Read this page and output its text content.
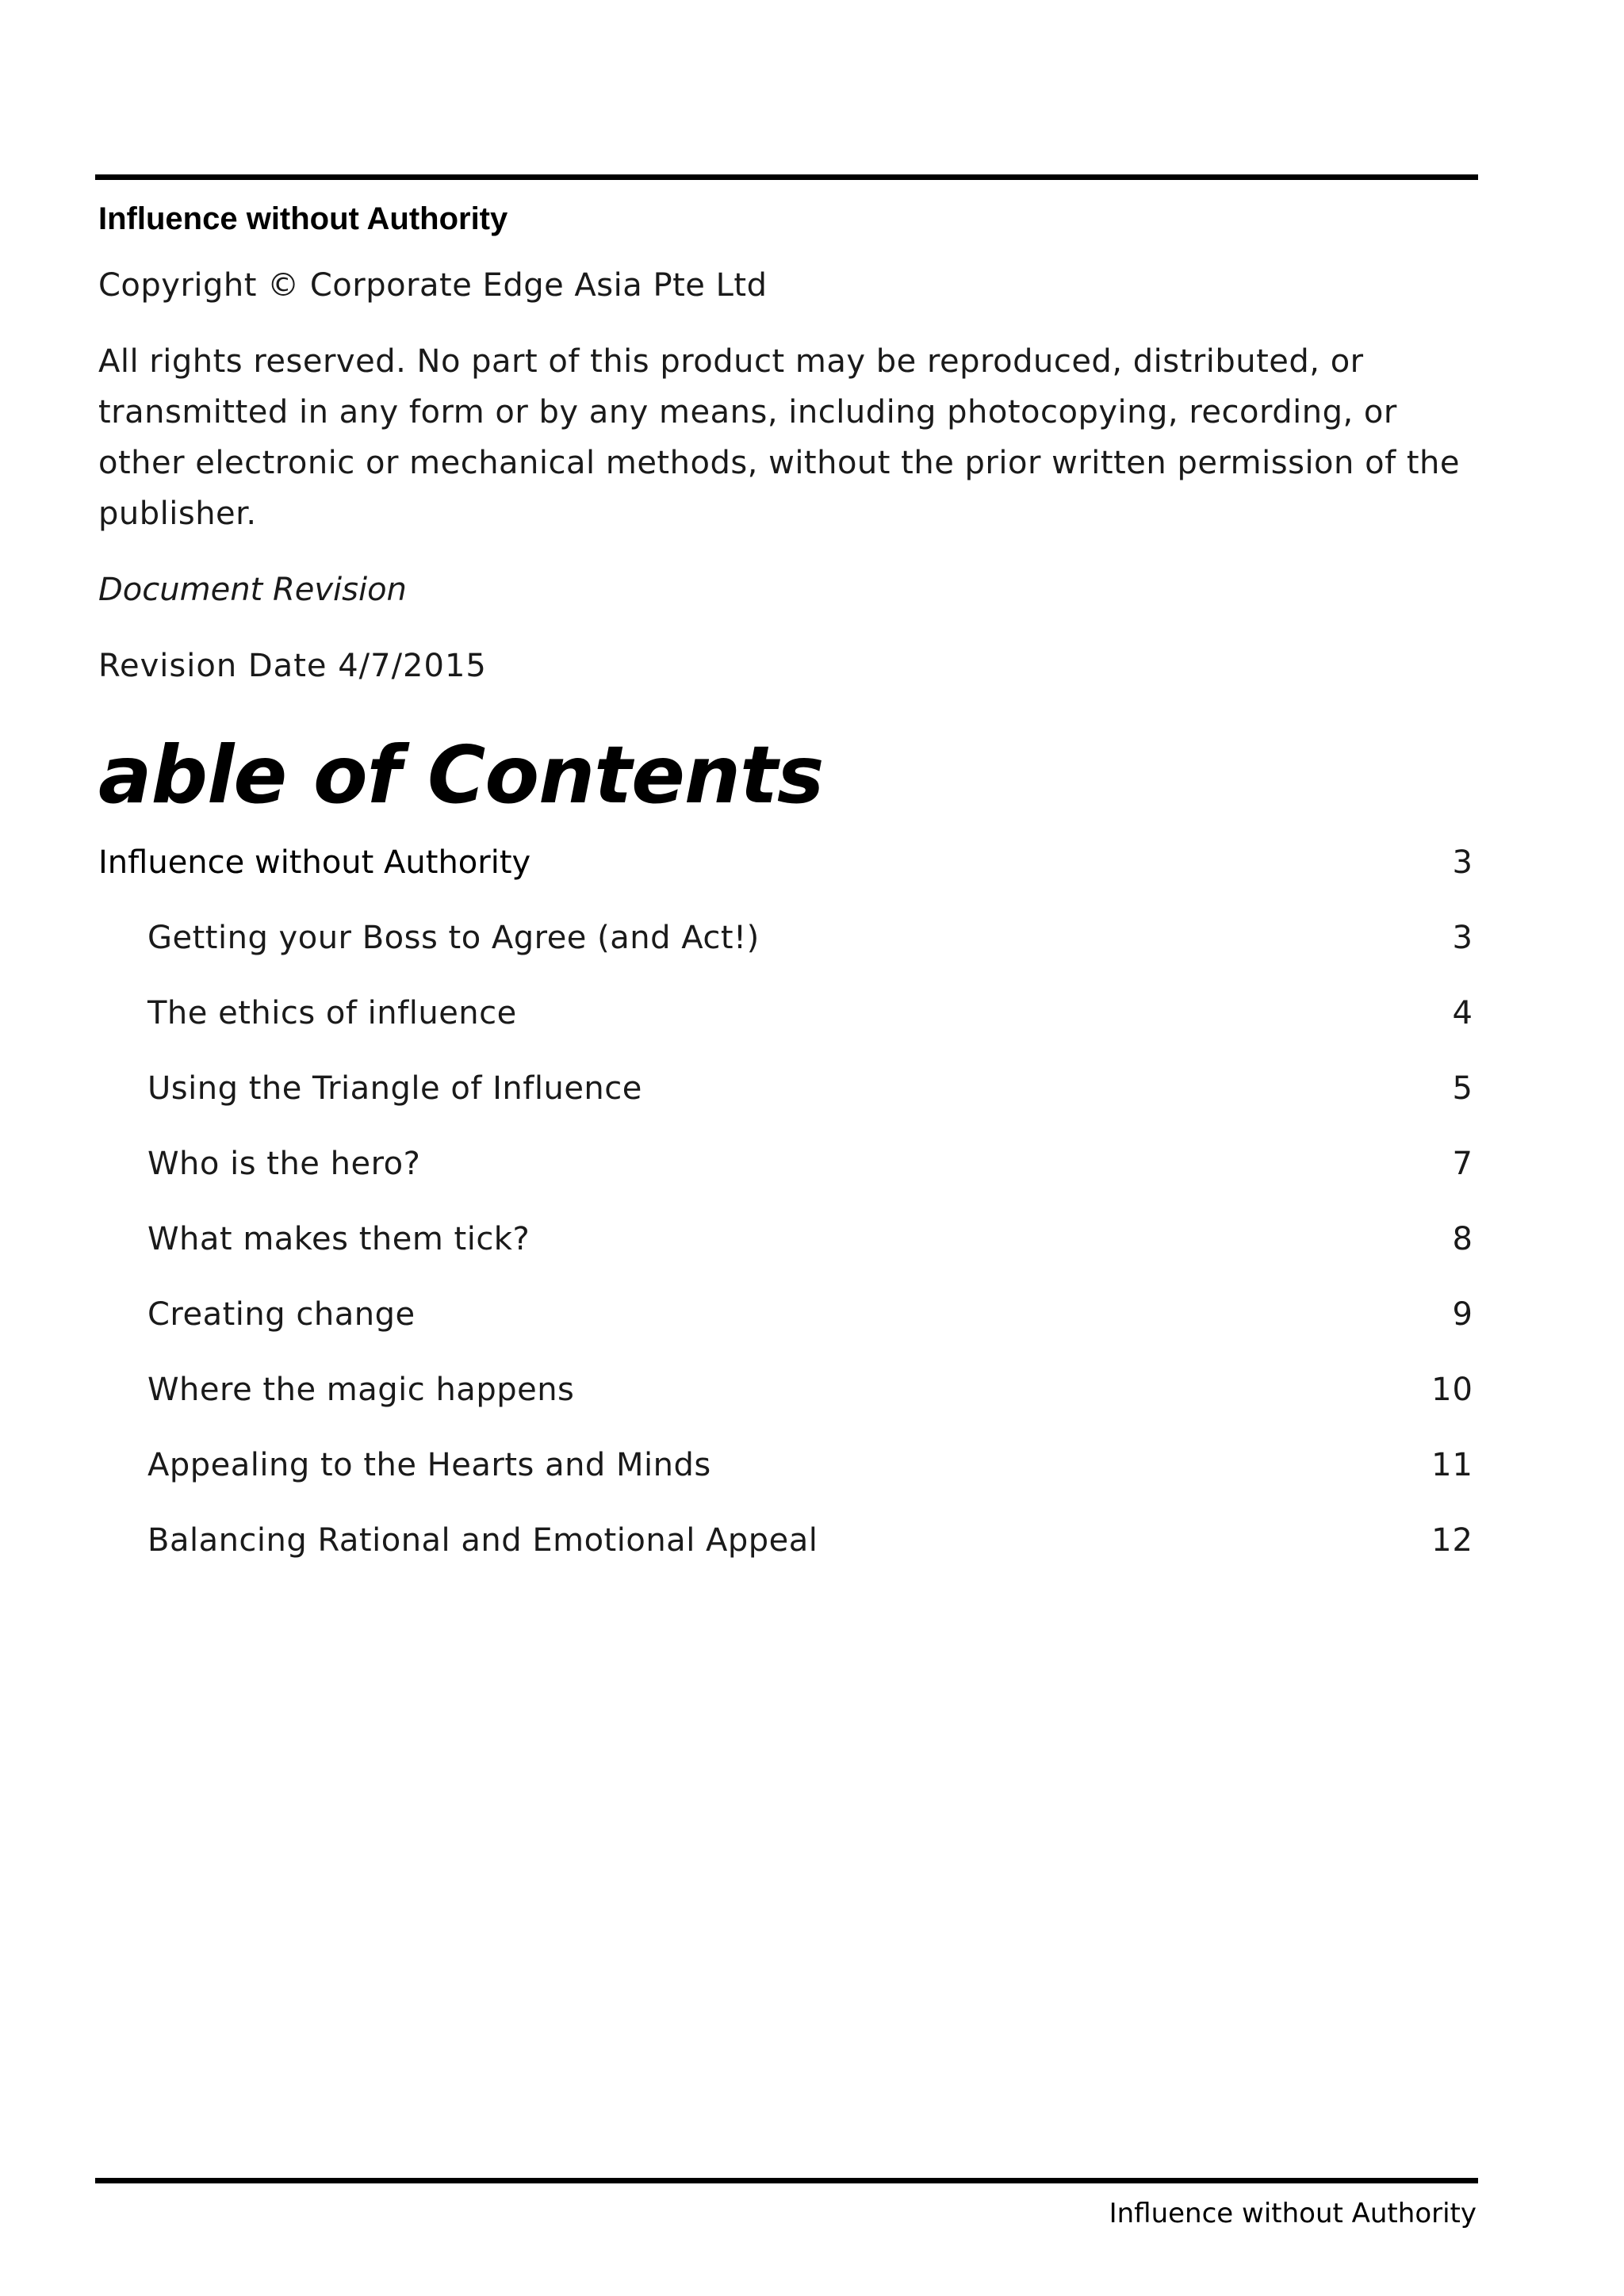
Influence without Authority

Copyright © Corporate Edge Asia Pte Ltd

All rights reserved. No part of this product may be reproduced, distributed, or transmitted in any form or by any means, including photocopying, recording, or other electronic or mechanical methods, without the prior written permission of the publisher.

Document Revision

Revision Date 4/7/2015

able of Contents
Influence without Authority	3
Getting your Boss to Agree (and Act!)	3
The ethics of influence	4
Using the Triangle of Influence	5
Who is the hero?	7
What makes them tick?	8
Creating change	9
Where the magic happens	10
Appealing to the Hearts and Minds	11
Balancing Rational and Emotional Appeal	12
Influence without Authority
